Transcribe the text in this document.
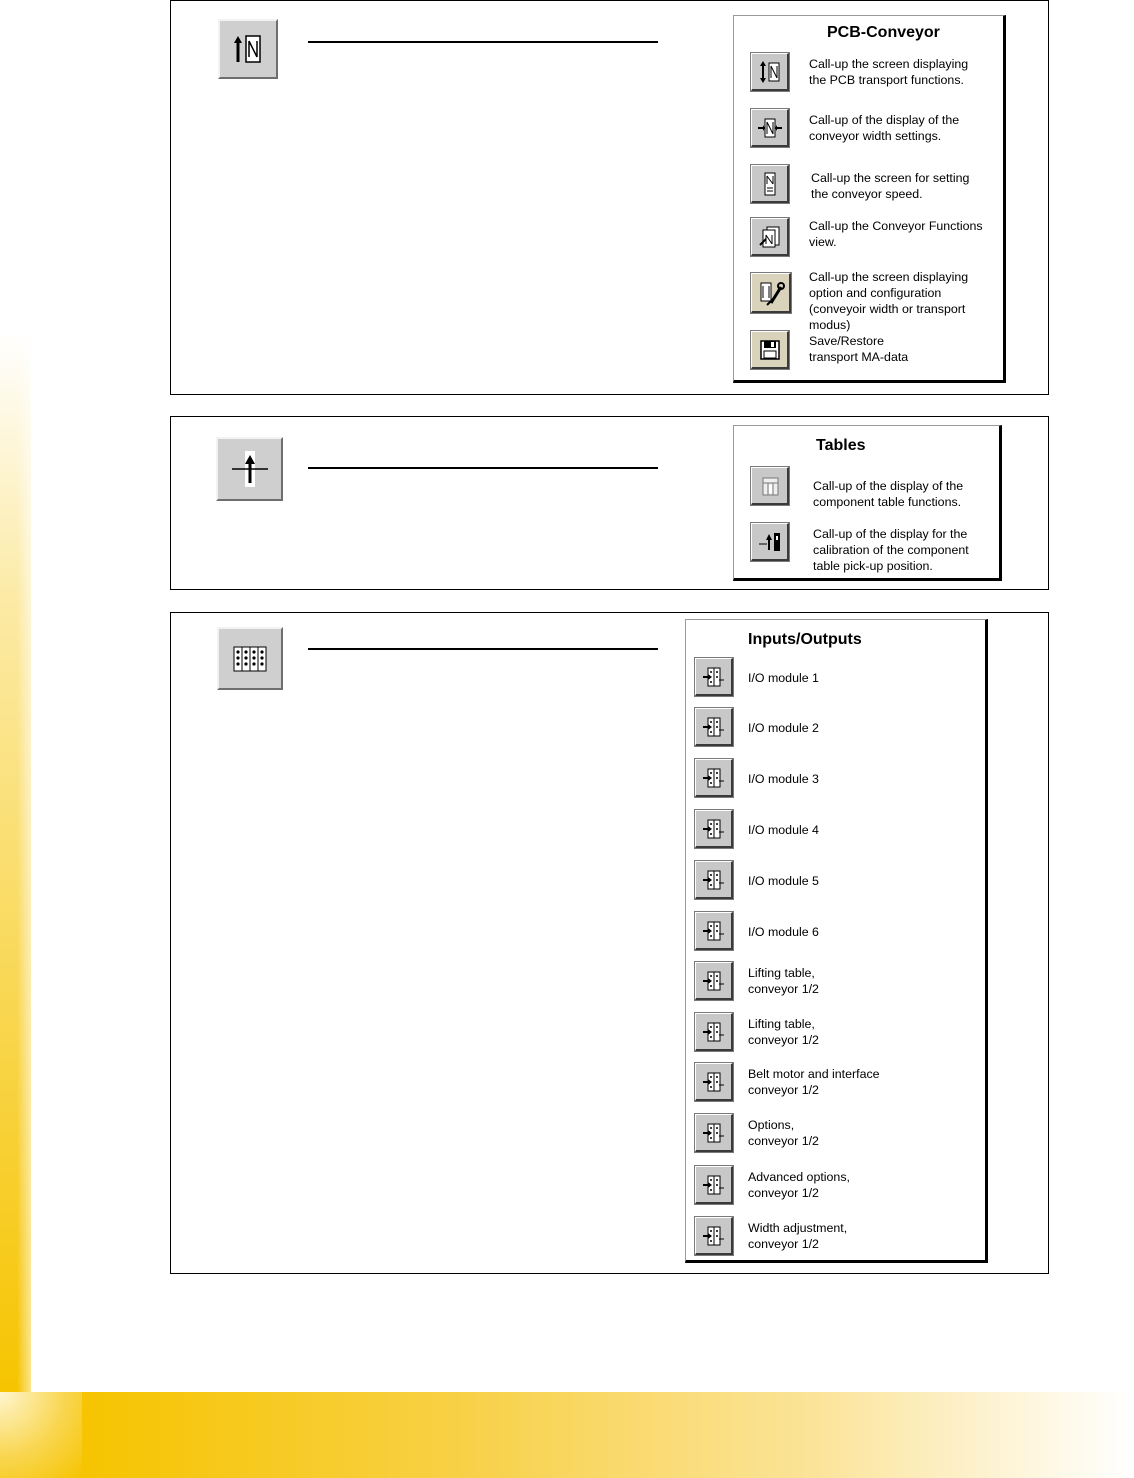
PCB-Conveyor
Call-up the screen displaying
the PCB transport functions.
Call-up of the display of the
conveyor width settings.
Call-up the screen for setting
the conveyor speed.
Call-up the Conveyor Functions
view.
Call-up the screen displaying
option and configuration
(conveyoir width or transport
modus)
Save/Restore
transport MA-data
Tables
Call-up of the display of the
component table functions.
Call-up of the display for the
calibration of the component
table pick-up position.
Inputs/Outputs
I/O module 1
I/O module 2
I/O module 3
I/O module 4
I/O module 5
I/O module 6
Lifting table,
conveyor 1/2
Lifting table,
conveyor 1/2
Belt motor and interface
conveyor 1/2
Options,
conveyor 1/2
Advanced options,
conveyor 1/2
Width adjustment,
conveyor 1/2
